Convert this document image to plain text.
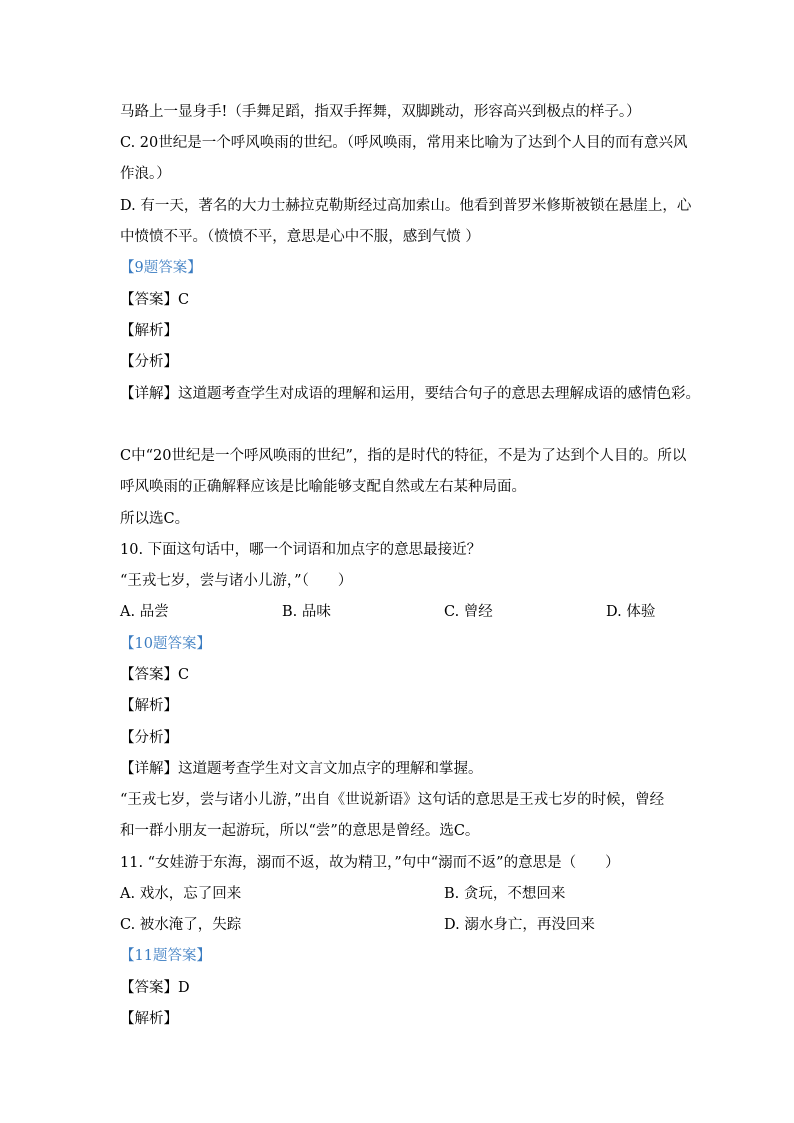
马路上一显身手!（手舞足蹈，指双手挥舞，双脚跳动，形容高兴到极点的样子。）
C. 20世纪是一个呼风唤雨的世纪。（呼风唤雨，常用来比喻为了达到个人目的而有意兴风
作浪。）
D. 有一天，著名的大力士赫拉克勒斯经过高加索山。他看到普罗米修斯被锁在悬崖上，心
中愤愤不平。（愤愤不平，意思是心中不服，感到气愤 ）
【9题答案】
【答案】C
【解析】
【分析】
【详解】这道题考查学生对成语的理解和运用，要结合句子的意思去理解成语的感情色彩。
C中“20世纪是一个呼风唤雨的世纪”，指的是时代的特征，不是为了达到个人目的。所以
呼风唤雨的正确解释应该是比喻能够支配自然或左右某种局面。
所以选C。
10. 下面这句话中，哪一个词语和加点字的意思最接近？
“王戎七岁，尝与诸小儿游，”（　　）
A. 品尝	B. 品味	C. 曾经	D. 体验
【10题答案】
【答案】C
【解析】
【分析】
【详解】这道题考查学生对文言文加点字的理解和掌握。
“王戎七岁，尝与诸小儿游，”出自《世说新语》这句话的意思是王戎七岁的时候，曾经
和一群小朋友一起游玩，所以“尝”的意思是曾经。选C。
11. “女娃游于东海，溺而不返，故为精卫，”句中“溺而不返”的意思是（　　）
A. 戏水，忘了回来	B. 贪玩，不想回来
C. 被水淹了，失踪	D. 溺水身亡，再没回来
【11题答案】
【答案】D
【解析】
